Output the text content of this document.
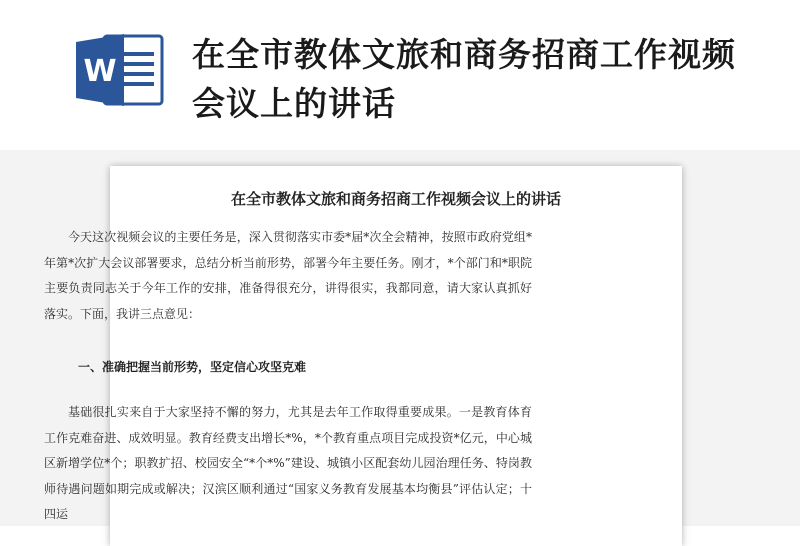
W 在全市教体文旅和商务招商工作视频会议上的讲话
在全市教体文旅和商务招商工作视频会议上的讲话

今天这次视频会议的主要任务是，深入贯彻落实市委*届*次全会精神，按照市政府党组*年第*次扩大会议部署要求，总结分析当前形势，部署今年主要任务。刚才，*个部门和*职院主要负责同志关于今年工作的安排，准备得很充分，讲得很实，我都同意，请大家认真抓好落实。下面，我讲三点意见：

一、准确把握当前形势，坚定信心攻坚克难

基础很扎实来自于大家坚持不懈的努力，尤其是去年工作取得重要成果。一是教育体育工作克难奋进、成效明显。教育经费支出增长*%，*个教育重点项目完成投资*亿元，中心城区新增学位*个；职教扩招、校园安全“*个*%”建设、城镇小区配套幼儿园治理任务、特岗教师待遇问题如期完成或解决；汉滨区顺利通过“国家义务教育发展基本均衡县”评估认定；十四运
